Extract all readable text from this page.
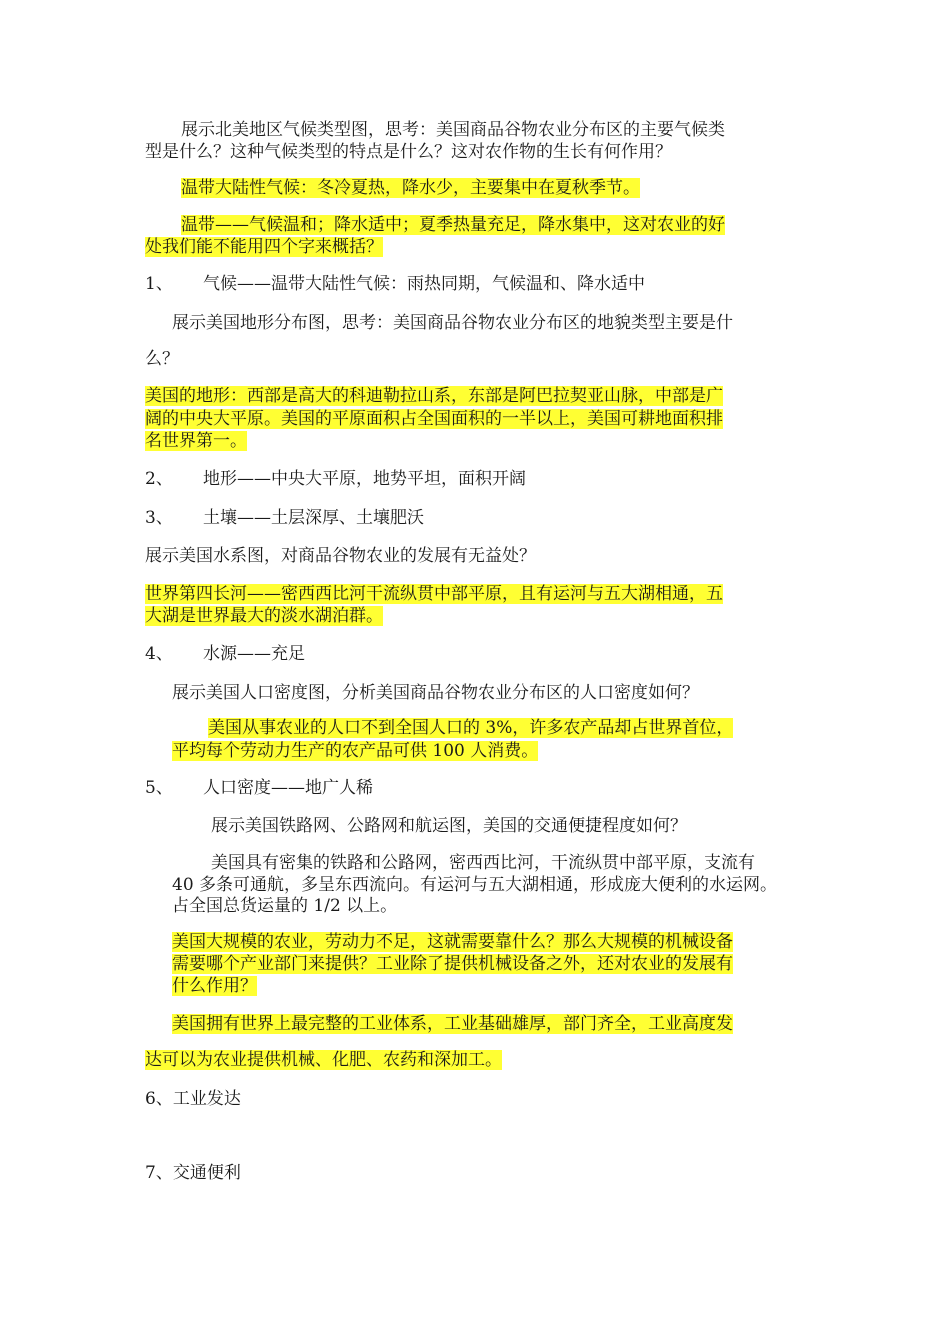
展示北美地区气候类型图，思考：美国商品谷物农业分布区的主要气候类
型是什么？这种气候类型的特点是什么？这对农作物的生长有何作用？
温带大陆性气候：冬冷夏热，降水少，主要集中在夏秋季节。
温带——气候温和；降水适中；夏季热量充足，降水集中，这对农业的好
处我们能不能用四个字来概括？
1、 气候——温带大陆性气候：雨热同期，气候温和、降水适中
展示美国地形分布图，思考：美国商品谷物农业分布区的地貌类型主要是什
么？
美国的地形：西部是高大的科迪勒拉山系，东部是阿巴拉契亚山脉，中部是广
阔的中央大平原。美国的平原面积占全国面积的一半以上，美国可耕地面积排
名世界第一。
2、 地形——中央大平原，地势平坦，面积开阔
3、 土壤——土层深厚、土壤肥沃
展示美国水系图，对商品谷物农业的发展有无益处？
世界第四长河——密西西比河干流纵贯中部平原，且有运河与五大湖相通，五
大湖是世界最大的淡水湖泊群。
4、 水源——充足
展示美国人口密度图，分析美国商品谷物农业分布区的人口密度如何？
美国从事农业的人口不到全国人口的 3%，许多农产品却占世界首位，
平均每个劳动力生产的农产品可供 100 人消费。
5、 人口密度——地广人稀
展示美国铁路网、公路网和航运图，美国的交通便捷程度如何？
美国具有密集的铁路和公路网，密西西比河，干流纵贯中部平原，支流有
40 多条可通航，多呈东西流向。有运河与五大湖相通，形成庞大便利的水运网。
占全国总货运量的 1/2 以上。
美国大规模的农业，劳动力不足，这就需要靠什么？那么大规模的机械设备
需要哪个产业部门来提供？工业除了提供机械设备之外，还对农业的发展有
什么作用？
美国拥有世界上最完整的工业体系，工业基础雄厚，部门齐全，工业高度发
达可以为农业提供机械、化肥、农药和深加工。
6、工业发达
7、交通便利
